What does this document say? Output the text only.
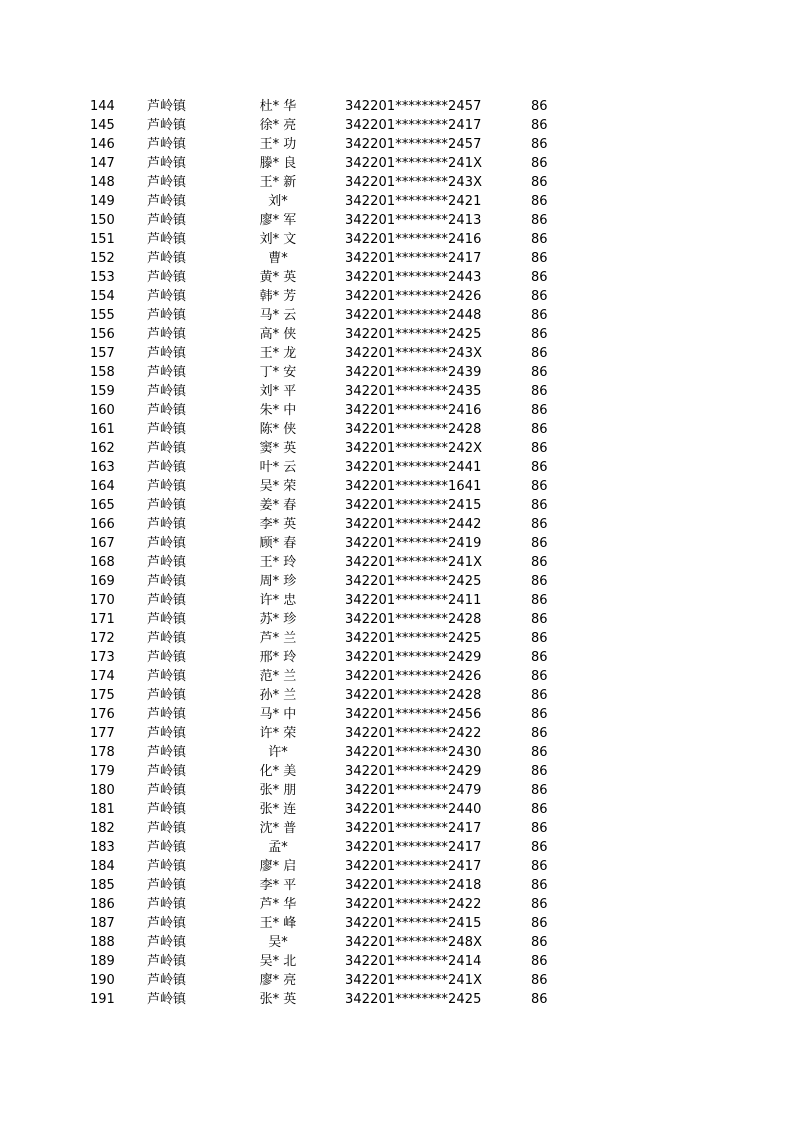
144	芦岭镇	杜* 华	342201********2457	86
145	芦岭镇	徐* 亮	342201********2417	86
146	芦岭镇	王* 功	342201********2457	86
147	芦岭镇	滕* 良	342201********241X	86
148	芦岭镇	王* 新	342201********243X	86
149	芦岭镇	刘*	342201********2421	86
150	芦岭镇	廖* 军	342201********2413	86
151	芦岭镇	刘* 文	342201********2416	86
152	芦岭镇	曹*	342201********2417	86
153	芦岭镇	黄* 英	342201********2443	86
154	芦岭镇	韩* 芳	342201********2426	86
155	芦岭镇	马* 云	342201********2448	86
156	芦岭镇	高* 侠	342201********2425	86
157	芦岭镇	王* 龙	342201********243X	86
158	芦岭镇	丁* 安	342201********2439	86
159	芦岭镇	刘* 平	342201********2435	86
160	芦岭镇	朱* 中	342201********2416	86
161	芦岭镇	陈* 侠	342201********2428	86
162	芦岭镇	窦* 英	342201********242X	86
163	芦岭镇	叶* 云	342201********2441	86
164	芦岭镇	吴* 荣	342201********1641	86
165	芦岭镇	姜* 春	342201********2415	86
166	芦岭镇	李* 英	342201********2442	86
167	芦岭镇	顾* 春	342201********2419	86
168	芦岭镇	王* 玲	342201********241X	86
169	芦岭镇	周* 珍	342201********2425	86
170	芦岭镇	许* 忠	342201********2411	86
171	芦岭镇	苏* 珍	342201********2428	86
172	芦岭镇	芦* 兰	342201********2425	86
173	芦岭镇	邢* 玲	342201********2429	86
174	芦岭镇	范* 兰	342201********2426	86
175	芦岭镇	孙* 兰	342201********2428	86
176	芦岭镇	马* 中	342201********2456	86
177	芦岭镇	许* 荣	342201********2422	86
178	芦岭镇	许*	342201********2430	86
179	芦岭镇	化* 美	342201********2429	86
180	芦岭镇	张* 朋	342201********2479	86
181	芦岭镇	张* 连	342201********2440	86
182	芦岭镇	沈* 普	342201********2417	86
183	芦岭镇	孟*	342201********2417	86
184	芦岭镇	廖* 启	342201********2417	86
185	芦岭镇	李* 平	342201********2418	86
186	芦岭镇	芦* 华	342201********2422	86
187	芦岭镇	王* 峰	342201********2415	86
188	芦岭镇	吴*	342201********248X	86
189	芦岭镇	吴* 北	342201********2414	86
190	芦岭镇	廖* 亮	342201********241X	86
191	芦岭镇	张* 英	342201********2425	86
